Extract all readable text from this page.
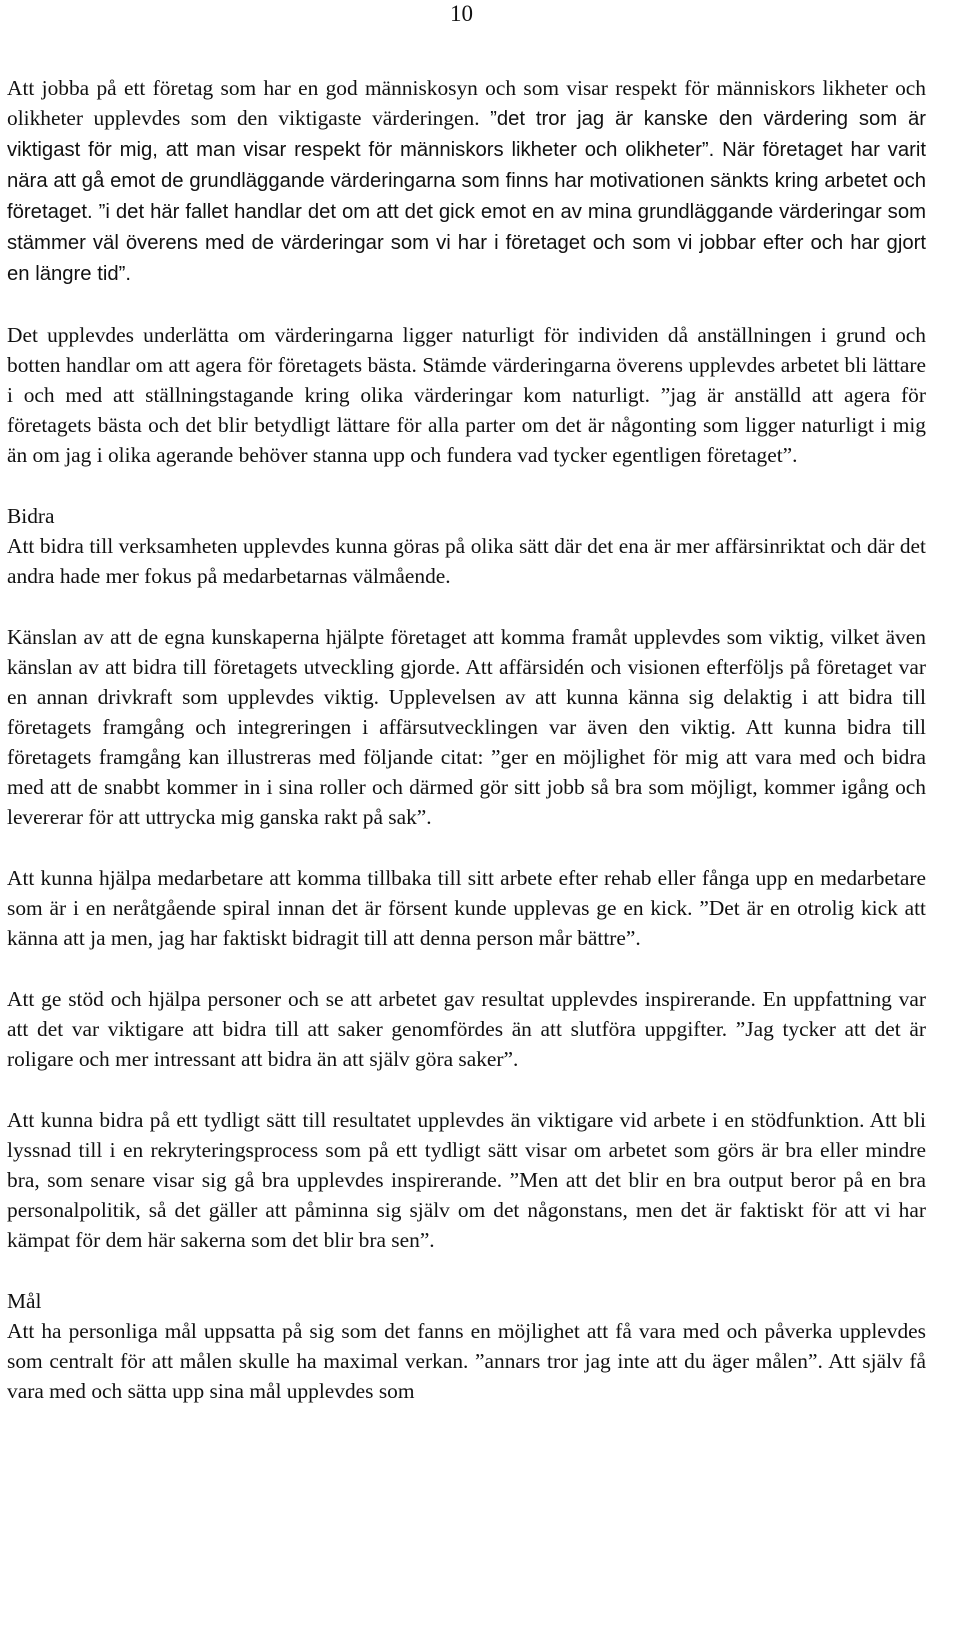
10

Att jobba på ett företag som har en god människosyn och som visar respekt för människors likheter och olikheter upplevdes som den viktigaste värderingen. ”det tror jag är kanske den värdering som är viktigast för mig, att man visar respekt för människors likheter och olikheter”. När företaget har varit nära att gå emot de grundläggande värderingarna som finns har motivationen sänkts kring arbetet och företaget. ”i det här fallet handlar det om att det gick emot en av mina grundläggande värderingar som stämmer väl överens med de värderingar som vi har i företaget och som vi jobbar efter och har gjort en längre tid”.

Det upplevdes underlätta om värderingarna ligger naturligt för individen då anställningen i grund och botten handlar om att agera för företagets bästa. Stämde värderingarna överens upplevdes arbetet bli lättare i och med att ställningstagande kring olika värderingar kom naturligt. ”jag är anställd att agera för företagets bästa och det blir betydligt lättare för alla parter om det är någonting som ligger naturligt i mig än om jag i olika agerande behöver stanna upp och fundera vad tycker egentligen företaget”.

Bidra

Att bidra till verksamheten upplevdes kunna göras på olika sätt där det ena är mer affärsinriktat och där det andra hade mer fokus på medarbetarnas välmående.

Känslan av att de egna kunskaperna hjälpte företaget att komma framåt upplevdes som viktig, vilket även känslan av att bidra till företagets utveckling gjorde. Att affärsidén och visionen efterföljs på företaget var en annan drivkraft som upplevdes viktig. Upplevelsen av att kunna känna sig delaktig i att bidra till företagets framgång och integreringen i affärsutvecklingen var även den viktig. Att kunna bidra till företagets framgång kan illustreras med följande citat: ”ger en möjlighet för mig att vara med och bidra med att de snabbt kommer in i sina roller och därmed gör sitt jobb så bra som möjligt, kommer igång och levererar för att uttrycka mig ganska rakt på sak”.

Att kunna hjälpa medarbetare att komma tillbaka till sitt arbete efter rehab eller fånga upp en medarbetare som är i en neråtgående spiral innan det är försent kunde upplevas ge en kick. ”Det är en otrolig kick att känna att ja men, jag har faktiskt bidragit till att denna person mår bättre”.

Att ge stöd och hjälpa personer och se att arbetet gav resultat upplevdes inspirerande. En uppfattning var att det var viktigare att bidra till att saker genomfördes än att slutföra uppgifter. ”Jag tycker att det är roligare och mer intressant att bidra än att själv göra saker”.

Att kunna bidra på ett tydligt sätt till resultatet upplevdes än viktigare vid arbete i en stödfunktion. Att bli lyssnad till i en rekryteringsprocess som på ett tydligt sätt visar om arbetet som görs är bra eller mindre bra, som senare visar sig gå bra upplevdes inspirerande. ”Men att det blir en bra output beror på en bra personalpolitik, så det gäller att påminna sig själv om det någonstans, men det är faktiskt för att vi har kämpat för dem här sakerna som det blir bra sen”.

Mål

Att ha personliga mål uppsatta på sig som det fanns en möjlighet att få vara med och påverka upplevdes som centralt för att målen skulle ha maximal verkan. ”annars tror jag inte att du äger målen”. Att själv få vara med och sätta upp sina mål upplevdes som
